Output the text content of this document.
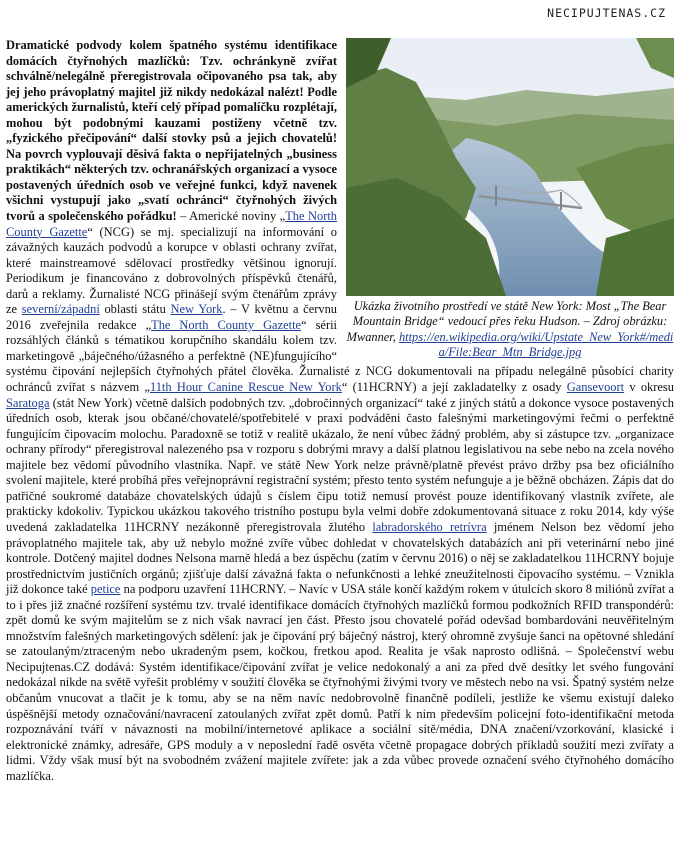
NECIPUJTENAS.CZ
Ukázka životního prostředí ve státě New York: Most „The Bear Mountain Bridge“ vedoucí přes řeku Hudson. – Zdroj obrázku: Mwanner, https://en.wikipedia.org/wiki/Upstate_New_York#/media/File:Bear_Mtn_Bridge.jpg
Dramatické podvody kolem špatného systému identifikace domácích čtyřnohých mazlíčků: Tzv. ochránkyně zvířat schválně/nelegálně přeregistrovala očipovaného psa tak, aby jej jeho právoplatný majitel již nikdy nedokázal nalézt! Podle amerických žurnalistů, kteří celý případ pomalíčku rozplétají, mohou být podobnými kauzami postiženy včetně tzv. „fyzického přečipování“ další stovky psů a jejich chovatelů! Na povrch vyplouvají děsivá fakta o nepřijatelných „business praktikách“ některých tzv. ochranářských organizací a vysoce postavených úředních osob ve veřejné funkci, když navenek všichni vystupují jako „svatí ochránci“ čtyřnohých živých tvorů a společenského pořádku! – Americké noviny „The North County Gazette“ (NCG) se mj. specializují na informování o závažných kauzách podvodů a korupce v oblasti ochrany zvířat, které mainstreamové sdělovací prostředky většinou ignorují. Periodikum je financováno z dobrovolných příspěvků čtenářů, darů a reklamy. Žurnalisté NCG přinášejí svým čtenářům zprávy ze severní/západní oblasti státu New York. – V květnu a červnu 2016 zveřejnila redakce „The North County Gazette“ sérii rozsáhlých článků s tématikou korupčního skandálu kolem tzv. marketingově „báječného/úžasného a perfektně (NE)fungujícího“ systému čipování nejlepších čtyřnohých přátel člověka. Žurnalisté z NCG dokumentovali na případu nelegálně působící charity ochránců zvířat s názvem „11th Hour Canine Rescue New York“ (11HCRNY) a její zakladatelky z osady Gansevoort v okresu Saratoga (stát New York) včetně dalších podobných tzv. „dobročinných organizací“ také z jiných států a dokonce vysoce postavených úředních osob, kterak jsou občané/chovatelé/spotřebitelé v praxi podváděni často falešnými marketingovými řečmi o perfektně fungujícím čipovacím molochu. Paradoxně se totiž v realitě ukázalo, že není vůbec žádný problém, aby si zástupce tzv. „organizace ochrany přírody“ přeregistroval nalezeného psa v rozporu s dobrými mravy a další platnou legislativou na sebe nebo na zcela nového majitele bez vědomí původního vlastníka. Např. ve státě New York nelze právně/platně převést právo držby psa bez oficiálního svolení majitele, které probíhá přes veřejnoprávní registrační systém; přesto tento systém nefunguje a je běžně obcházen. Zápis dat do patřičné soukromé databáze chovatelských údajů s číslem čipu totiž nemusí provést pouze identifikovaný vlastník zvířete, ale prakticky kdokoliv. Typickou ukázkou takového tristního postupu byla velmi dobře zdokumentovaná situace z roku 2014, kdy výše uvedená zakladatelka 11HCRNY nezákonně přeregistrovala žlutého labradorského retrívra jménem Nelson bez vědomí jeho právoplatného majitele tak, aby už nebylo možné zvíře vůbec dohledat v chovatelských databázích ani při veterinární nebo jiné kontrole. Dotčený majitel dodnes Nelsona marně hledá a bez úspěchu (zatím v červnu 2016) o něj se zakladatelkou 11HCRNY bojuje prostřednictvím justičních orgánů; zjišťuje další závažná fakta o nefunkčnosti a lehké zneužitelnosti čipovacího systému. – Vznikla již dokonce také petice na podporu uzavření 11HCRNY. – Navíc v USA stále končí každým rokem v útulcích skoro 8 miliónů zvířat a to i přes již značné rozšíření systému tzv. trvalé identifikace domácích čtyřnohých mazlíčků formou podkožních RFID transpondérů: zpět domů ke svým majitelům se z nich však navrací jen část. Přesto jsou chovatelé pořád odevšad bombardováni neuvěřitelným množstvím falešných marketingových sdělení: jak je čipování prý báječný nástroj, který ohromně zvyšuje šanci na opětovné shledání se zatoulaným/ztraceným nebo ukradeným psem, kočkou, fretkou apod. Realita je však naprosto odlišná. – Společenství webu Necipujtenas.CZ dodává: Systém identifikace/čipování zvířat je velice nedokonalý a ani za před dvě desítky let svého fungování nedokázal nikde na světě vyřešit problémy v soužití člověka se čtyřnohými živými tvory ve městech nebo na vsi. Špatný systém nelze občanům vnucovat a tlačit je k tomu, aby se na něm navíc nedobrovolně finančně podíleli, jestliže ke všemu existují daleko úspěšnější metody označování/navracení zatoulaných zvířat zpět domů. Patří k nim především policejní foto-identifikační metoda rozpoznávání tváří v návaznosti na mobilní/internetové aplikace a sociální sítě/média, DNA značení/vzorkování, klasické i elektronické známky, adresáře, GPS moduly a v neposlední řadě osvěta včetně propagace dobrých příkladů soužití mezi zvířaty a lidmi. Vždy však musí být na svobodném zvážení majitele zvířete: jak a zda vůbec provede označení svého čtyřnohého domácího mazlíčka.
